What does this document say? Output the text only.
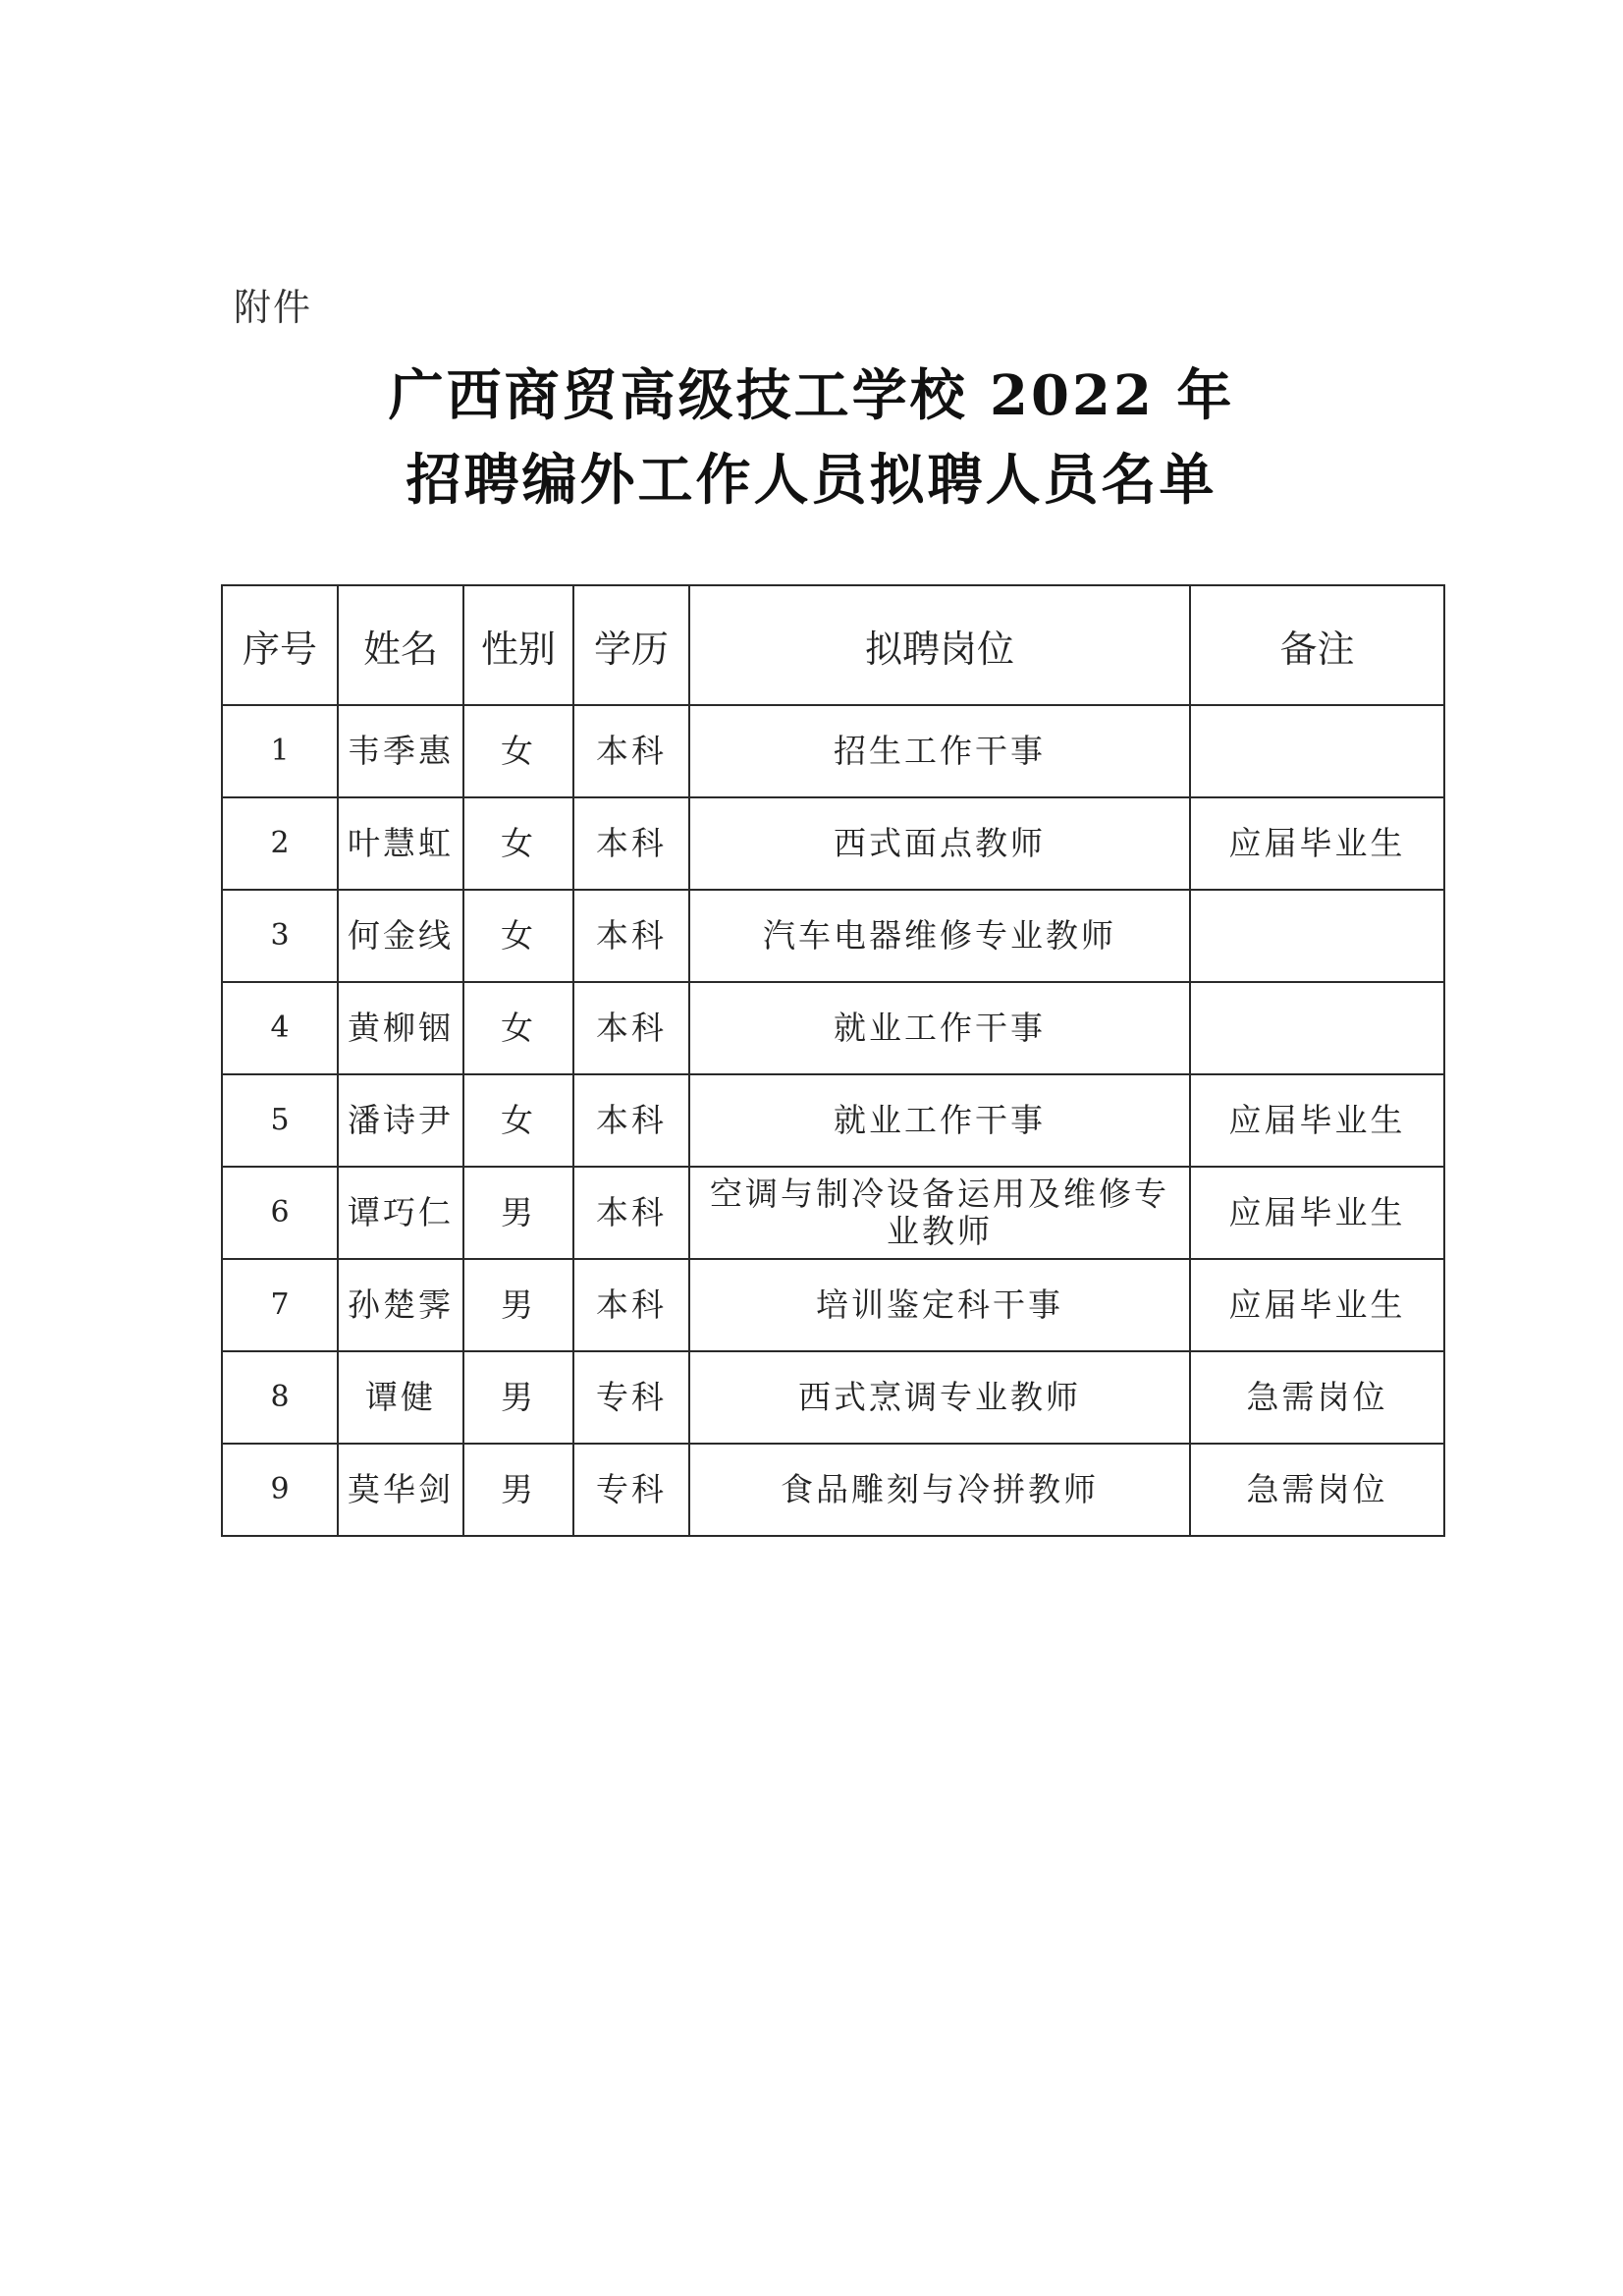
附件
广西商贸高级技工学校 2022 年
招聘编外工作人员拟聘人员名单
序号	姓名	性别	学历	拟聘岗位	备注
1	韦季惠	女	本科	招生工作干事	
2	叶慧虹	女	本科	西式面点教师	应届毕业生
3	何金线	女	本科	汽车电器维修专业教师	
4	黄柳铟	女	本科	就业工作干事	
5	潘诗尹	女	本科	就业工作干事	应届毕业生
6	谭巧仁	男	本科	空调与制冷设备运用及维修专业教师	应届毕业生
7	孙楚霁	男	本科	培训鉴定科干事	应届毕业生
8	谭健	男	专科	西式烹调专业教师	急需岗位
9	莫华剑	男	专科	食品雕刻与冷拼教师	急需岗位
